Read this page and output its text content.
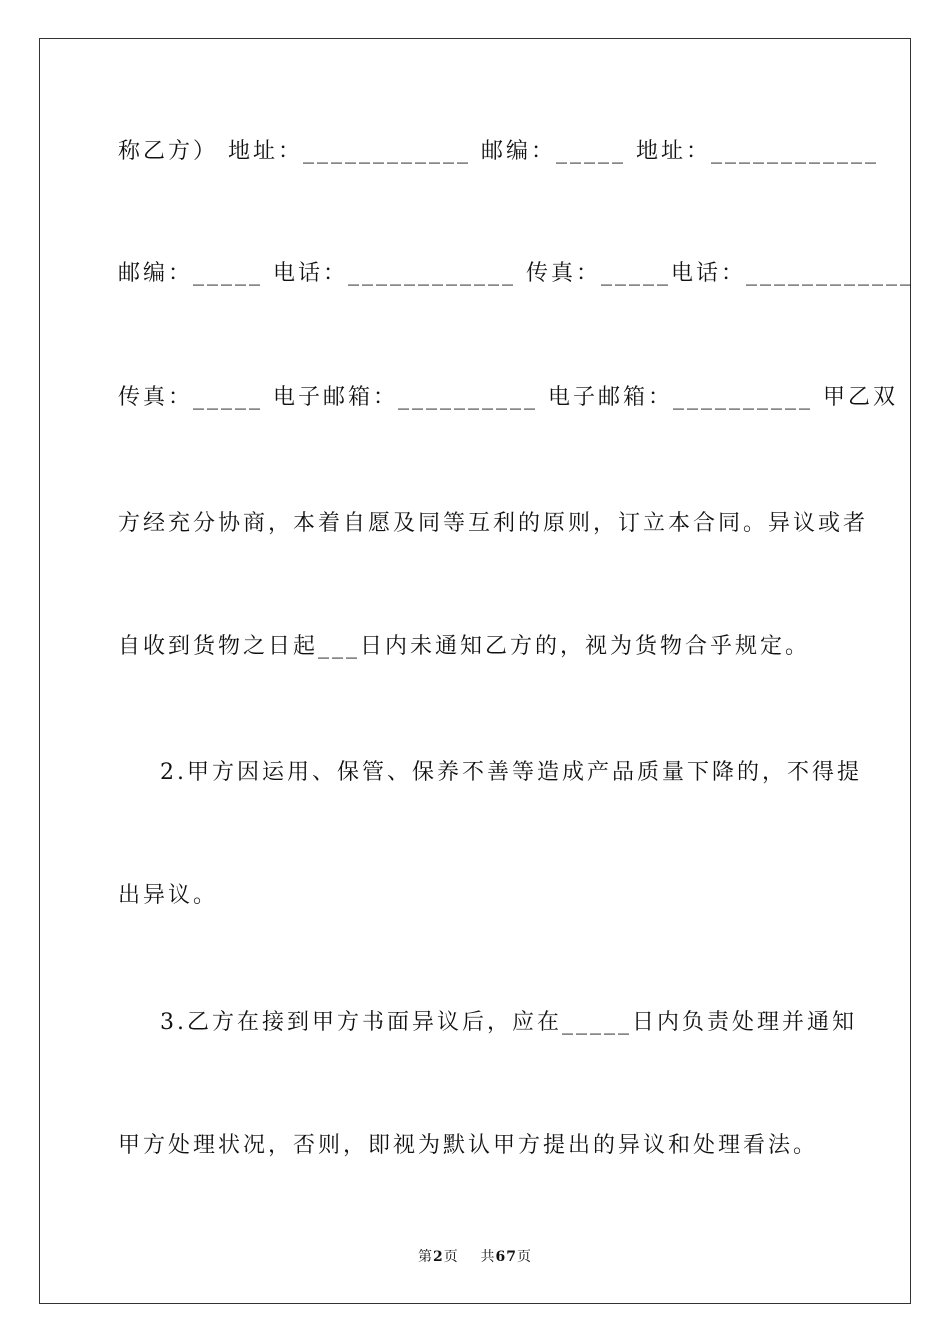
称乙方） 地址：____________ 邮编：_____ 地址：____________
邮编：_____ 电话：____________ 传真：_____电话：____________
传真：_____ 电子邮箱：__________ 电子邮箱：__________ 甲乙双
方经充分协商，本着自愿及同等互利的原则，订立本合同。异议或者
自收到货物之日起___日内未通知乙方的，视为货物合乎规定。
2.甲方因运用、保管、保养不善等造成产品质量下降的，不得提
出异议。
3.乙方在接到甲方书面异议后，应在_____日内负责处理并通知
甲方处理状况，否则，即视为默认甲方提出的异议和处理看法。
第2页 共67页
